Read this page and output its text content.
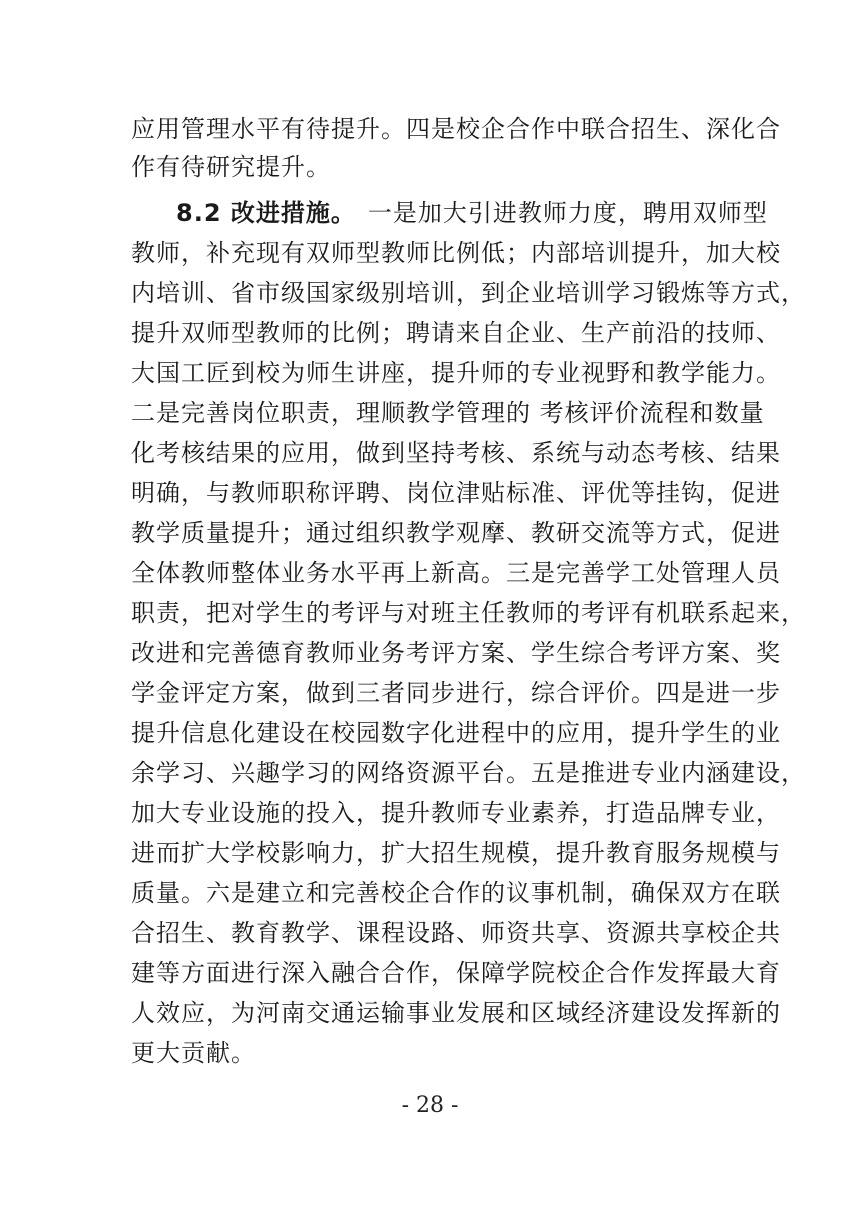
应用管理水平有待提升。四是校企合作中联合招生、深化合
作有待研究提升。
8.2 改进措施。 一是加大引进教师力度，聘用双师型
教师，补充现有双师型教师比例低；内部培训提升，加大校
内培训、省市级国家级别培训，到企业培训学习锻炼等方式，
提升双师型教师的比例；聘请来自企业、生产前沿的技师、
大国工匠到校为师生讲座，提升师的专业视野和教学能力。
二是完善岗位职责，理顺教学管理的 考核评价流程和数量
化考核结果的应用，做到坚持考核、系统与动态考核、结果
明确，与教师职称评聘、岗位津贴标准、评优等挂钩，促进
教学质量提升；通过组织教学观摩、教研交流等方式，促进
全体教师整体业务水平再上新高。三是完善学工处管理人员
职责，把对学生的考评与对班主任教师的考评有机联系起来，
改进和完善德育教师业务考评方案、学生综合考评方案、奖
学金评定方案，做到三者同步进行，综合评价。四是进一步
提升信息化建设在校园数字化进程中的应用，提升学生的业
余学习、兴趣学习的网络资源平台。五是推进专业内涵建设，
加大专业设施的投入，提升教师专业素养，打造品牌专业，
进而扩大学校影响力，扩大招生规模，提升教育服务规模与
质量。六是建立和完善校企合作的议事机制，确保双方在联
合招生、教育教学、课程设路、师资共享、资源共享校企共
建等方面进行深入融合合作，保障学院校企合作发挥最大育
人效应，为河南交通运输事业发展和区域经济建设发挥新的
更大贡献。
- 28 -
